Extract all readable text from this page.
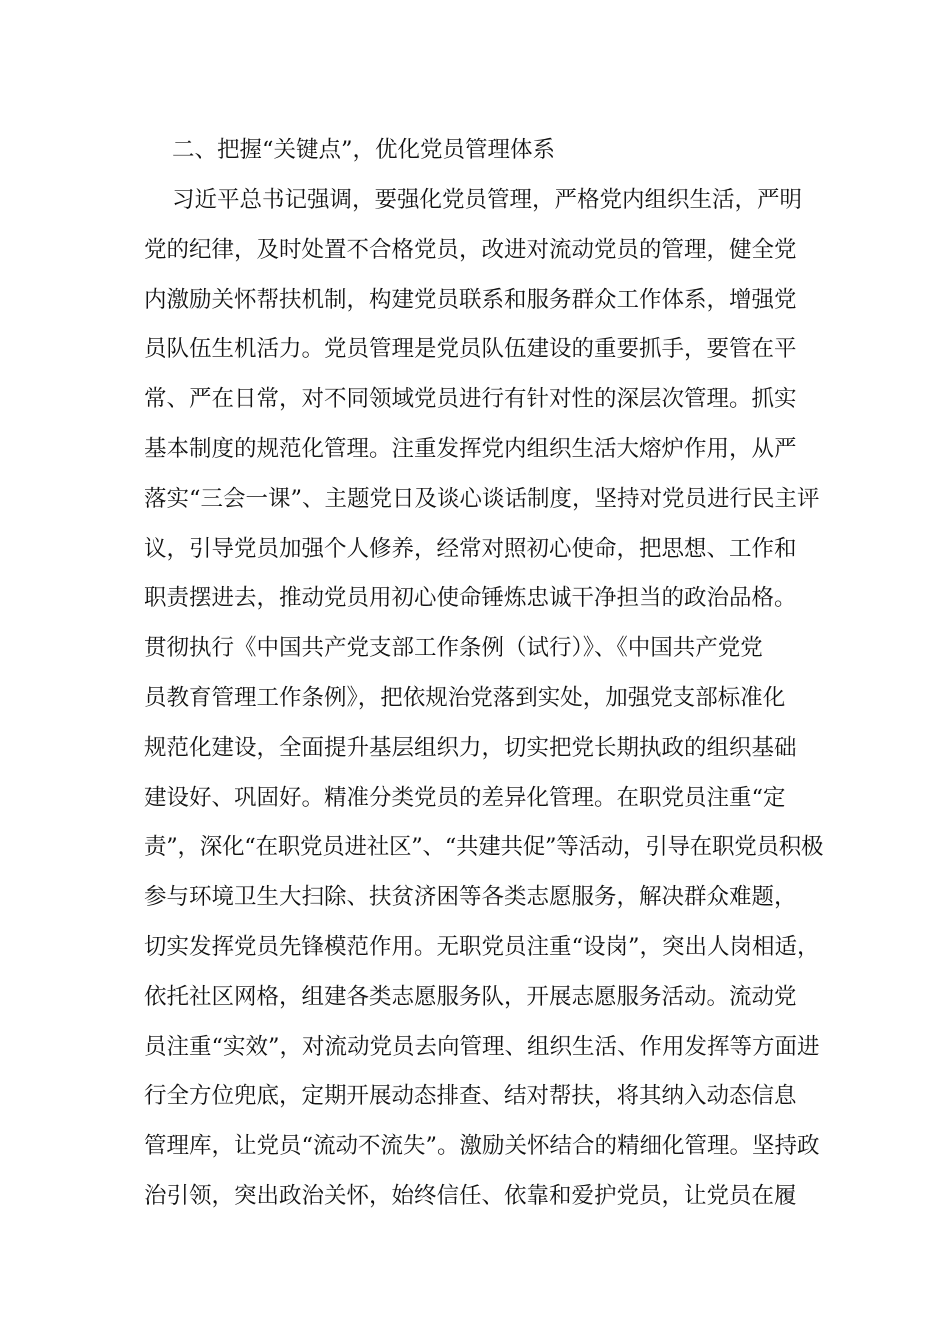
二、把握“关键点”，优化党员管理体系
习近平总书记强调，要强化党员管理，严格党内组织生活，严明
党的纪律，及时处置不合格党员，改进对流动党员的管理，健全党
内激励关怀帮扶机制，构建党员联系和服务群众工作体系，增强党
员队伍生机活力。党员管理是党员队伍建设的重要抓手，要管在平
常、严在日常，对不同领域党员进行有针对性的深层次管理。抓实
基本制度的规范化管理。注重发挥党内组织生活大熔炉作用，从严
落实“三会一课”、主题党日及谈心谈话制度，坚持对党员进行民主评
议，引导党员加强个人修养，经常对照初心使命，把思想、工作和
职责摆进去，推动党员用初心使命锤炼忠诚干净担当的政治品格。
贯彻执行《中国共产党支部工作条例（试行）》、《中国共产党党
员教育管理工作条例》，把依规治党落到实处，加强党支部标准化
规范化建设，全面提升基层组织力，切实把党长期执政的组织基础
建设好、巩固好。精准分类党员的差异化管理。在职党员注重“定
责”，深化“在职党员进社区”、“共建共促”等活动，引导在职党员积极
参与环境卫生大扫除、扶贫济困等各类志愿服务，解决群众难题，
切实发挥党员先锋模范作用。无职党员注重“设岗”，突出人岗相适，
依托社区网格，组建各类志愿服务队，开展志愿服务活动。流动党
员注重“实效”，对流动党员去向管理、组织生活、作用发挥等方面进
行全方位兜底，定期开展动态排查、结对帮扶，将其纳入动态信息
管理库，让党员“流动不流失”。激励关怀结合的精细化管理。坚持政
治引领，突出政治关怀，始终信任、依靠和爱护党员，让党员在履
